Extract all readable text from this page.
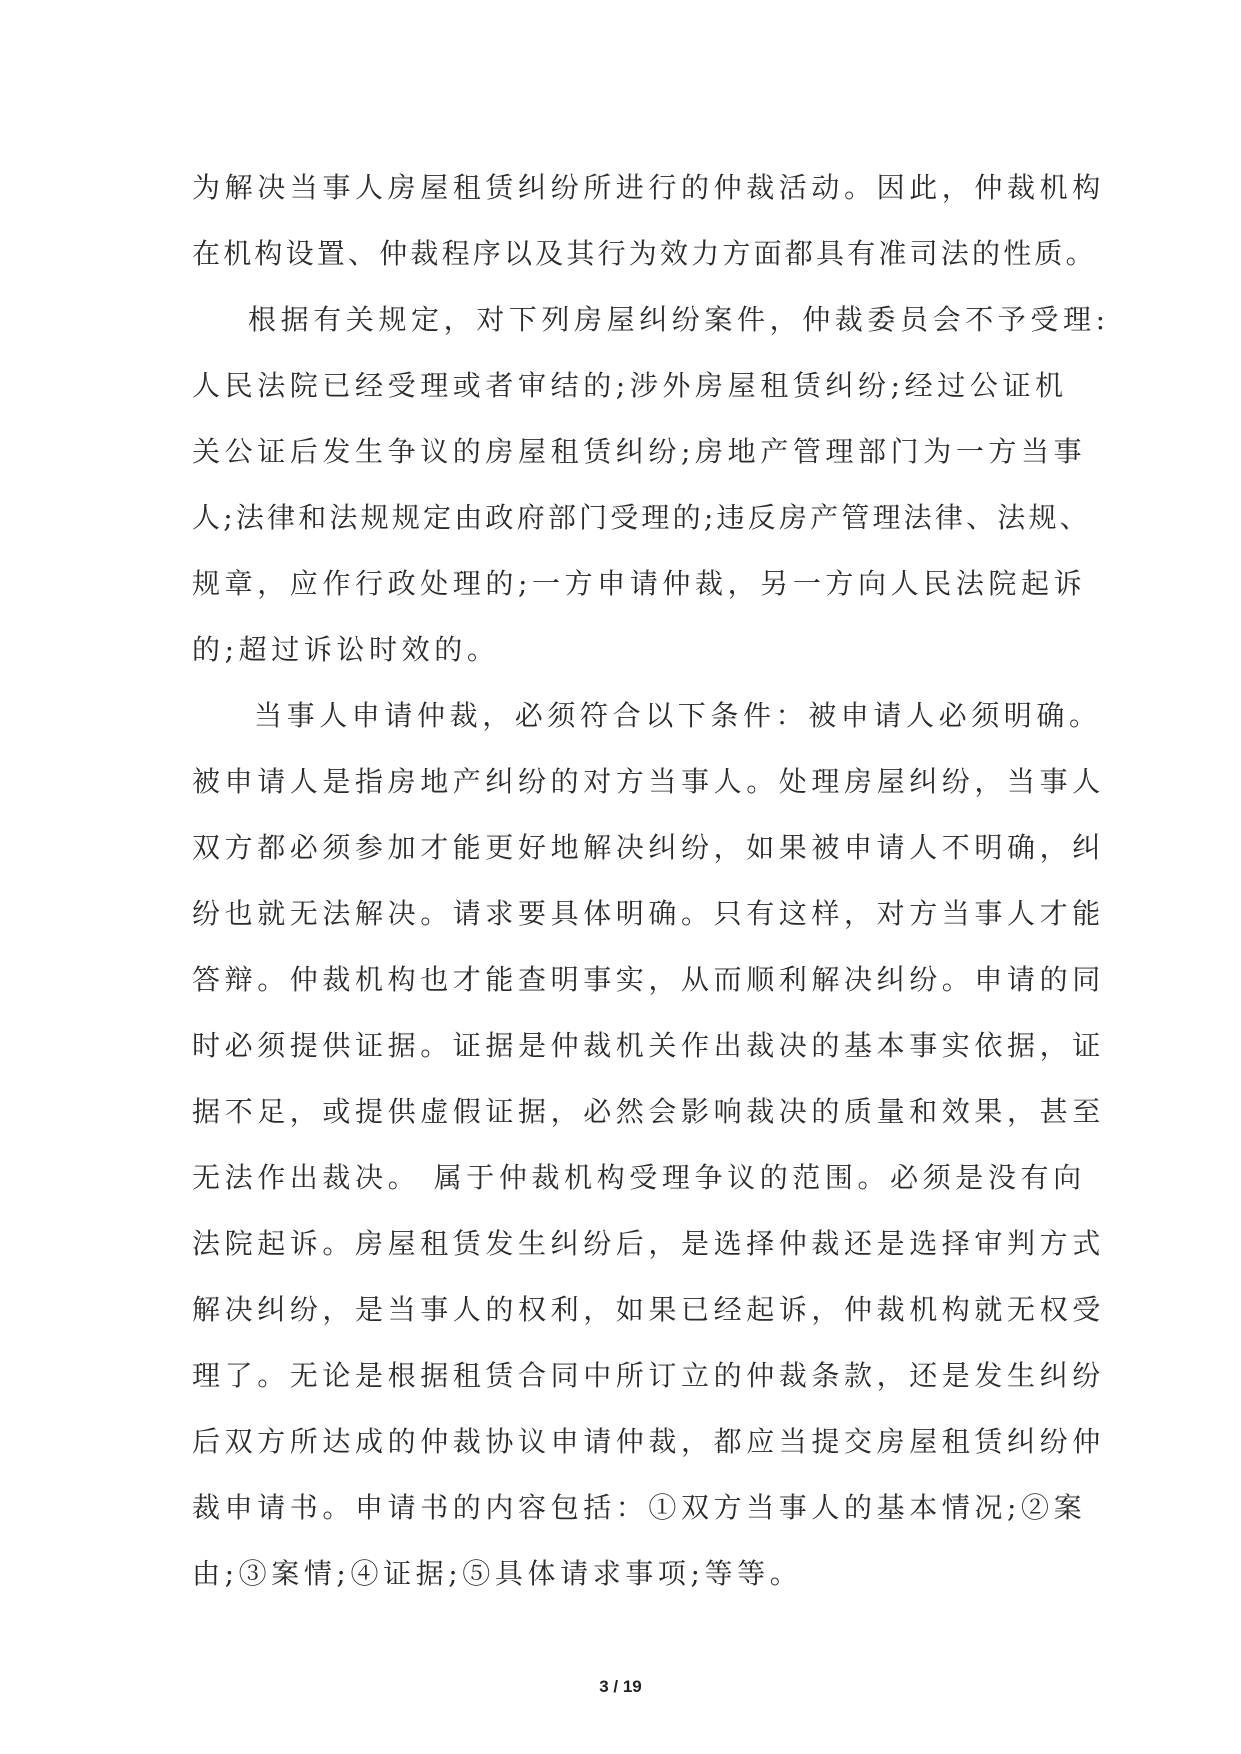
为解决当事人房屋租赁纠纷所进行的仲裁活动。因此，仲裁机构
在机构设置、仲裁程序以及其行为效力方面都具有准司法的性质。
根据有关规定，对下列房屋纠纷案件，仲裁委员会不予受理:
人民法院已经受理或者审结的;涉外房屋租赁纠纷;经过公证机
关公证后发生争议的房屋租赁纠纷;房地产管理部门为一方当事
人;法律和法规规定由政府部门受理的;违反房产管理法律、法规、
规章，应作行政处理的;一方申请仲裁，另一方向人民法院起诉
的;超过诉讼时效的。
当事人申请仲裁，必须符合以下条件：被申请人必须明确。
被申请人是指房地产纠纷的对方当事人。处理房屋纠纷，当事人
双方都必须参加才能更好地解决纠纷，如果被申请人不明确，纠
纷也就无法解决。请求要具体明确。只有这样，对方当事人才能
答辩。仲裁机构也才能查明事实，从而顺利解决纠纷。申请的同
时必须提供证据。证据是仲裁机关作出裁决的基本事实依据，证
据不足，或提供虚假证据，必然会影响裁决的质量和效果，甚至
无法作出裁决。 属于仲裁机构受理争议的范围。必须是没有向
法院起诉。房屋租赁发生纠纷后，是选择仲裁还是选择审判方式
解决纠纷，是当事人的权利，如果已经起诉，仲裁机构就无权受
理了。无论是根据租赁合同中所订立的仲裁条款，还是发生纠纷
后双方所达成的仲裁协议申请仲裁，都应当提交房屋租赁纠纷仲
裁申请书。申请书的内容包括：①双方当事人的基本情况;②案
由;③案情;④证据;⑤具体请求事项;等等。
3 / 19
